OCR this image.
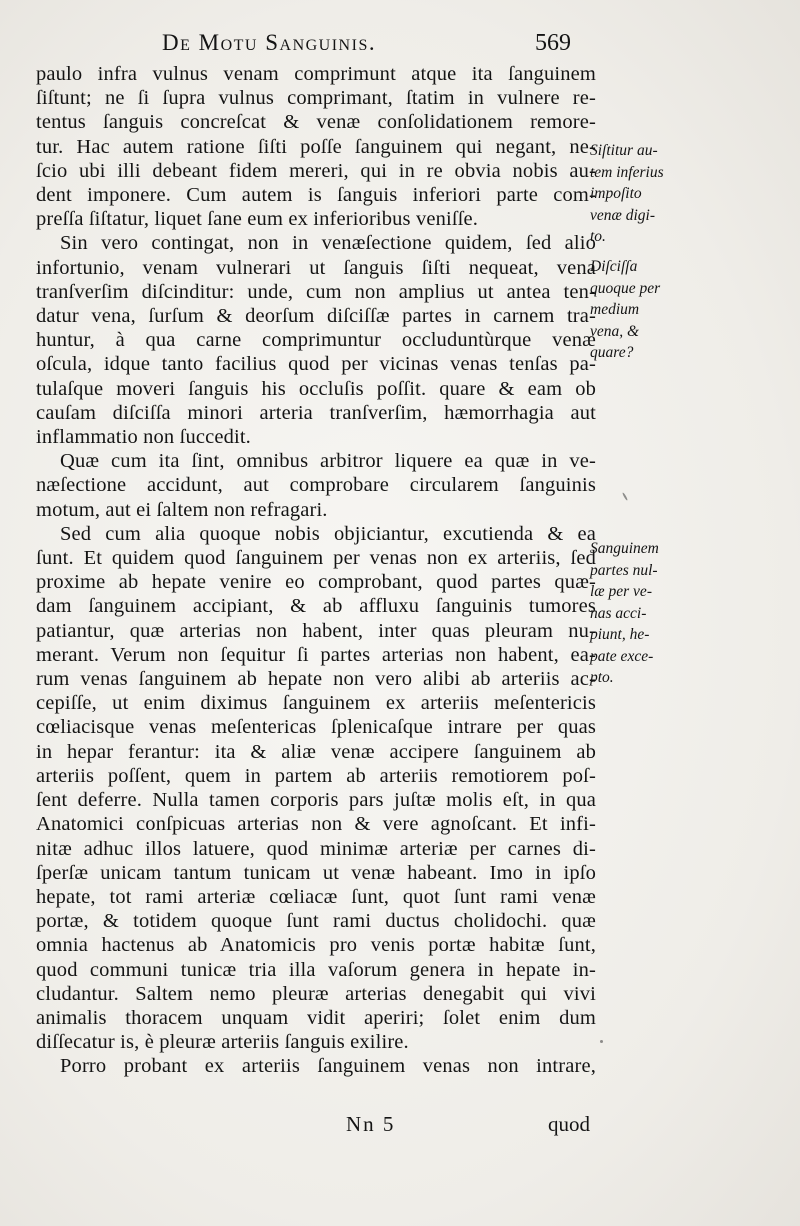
De Motu Sanguinis.	569
paulo infra vulnus venam comprimunt atque ita ſanguinem
ſiſtunt; ne ſi ſupra vulnus comprimant, ſtatim in vulnere re-
tentus ſanguis concreſcat & venæ conſolidationem remore-
tur. Hac autem ratione ſiſti poſſe ſanguinem qui negant, ne-
ſcio ubi illi debeant fidem mereri, qui in re obvia nobis au-
dent imponere. Cum autem is ſanguis inferiori parte com-
preſſa ſiſtatur, liquet ſane eum ex inferioribus veniſſe.
Sin vero contingat, non in venæſectione quidem, ſed alio
infortunio, venam vulnerari ut ſanguis ſiſti nequeat, vena
tranſverſim diſcinditur: unde, cum non amplius ut antea ten-
datur vena, ſurſum & deorſum diſciſſæ partes in carnem tra-
huntur, à qua carne comprimuntur occluduntùrque venæ
oſcula, idque tanto facilius quod per vicinas venas tenſas pa-
tulaſque moveri ſanguis his occluſis poſſit. quare & eam ob
cauſam diſciſſa minori arteria tranſverſim, hæmorrhagia aut
inflammatio non ſuccedit.
Quæ cum ita ſint, omnibus arbitror liquere ea quæ in ve-
næſectione accidunt, aut comprobare circularem ſanguinis
motum, aut ei ſaltem non refragari.
Sed cum alia quoque nobis objiciantur, excutienda & ea
ſunt. Et quidem quod ſanguinem per venas non ex arteriis, ſed
proxime ab hepate venire eo comprobant, quod partes quæ-
dam ſanguinem accipiant, & ab affluxu ſanguinis tumores
patiantur, quæ arterias non habent, inter quas pleuram nu-
merant. Verum non ſequitur ſi partes arterias non habent, ea-
rum venas ſanguinem ab hepate non vero alibi ab arteriis ac-
cepiſſe, ut enim diximus ſanguinem ex arteriis meſentericis
cœliacisque venas meſentericas ſplenicaſque intrare per quas
in hepar ferantur: ita & aliæ venæ accipere ſanguinem ab
arteriis poſſent, quem in partem ab arteriis remotiorem poſ-
ſent deferre. Nulla tamen corporis pars juſtæ molis eſt, in qua
Anatomici conſpicuas arterias non & vere agnoſcant. Et infi-
nitæ adhuc illos latuere, quod minimæ arteriæ per carnes di-
ſperſæ unicam tantum tunicam ut venæ habeant. Imo in ipſo
hepate, tot rami arteriæ cœliacæ ſunt, quot ſunt rami venæ
portæ, & totidem quoque ſunt rami ductus cholidochi. quæ
omnia hactenus ab Anatomicis pro venis portæ habitæ ſunt,
quod communi tunicæ tria illa vaſorum genera in hepate in-
cludantur. Saltem nemo pleuræ arterias denegabit qui vivi
animalis thoracem unquam vidit aperiri; ſolet enim dum
diſſecatur is, è pleuræ arteriis ſanguis exilire.
Porro probant ex arteriis ſanguinem venas non intrare,
Siſtitur au-
tem inferius
impoſito
venæ digi-
to.
Diſciſſa
quoque per
medium
vena, &
quare?
Sanguinem
partes nul-
læ per ve-
nas acci-
piunt, he-
pate exce-
pto.
Nn 5	quod
